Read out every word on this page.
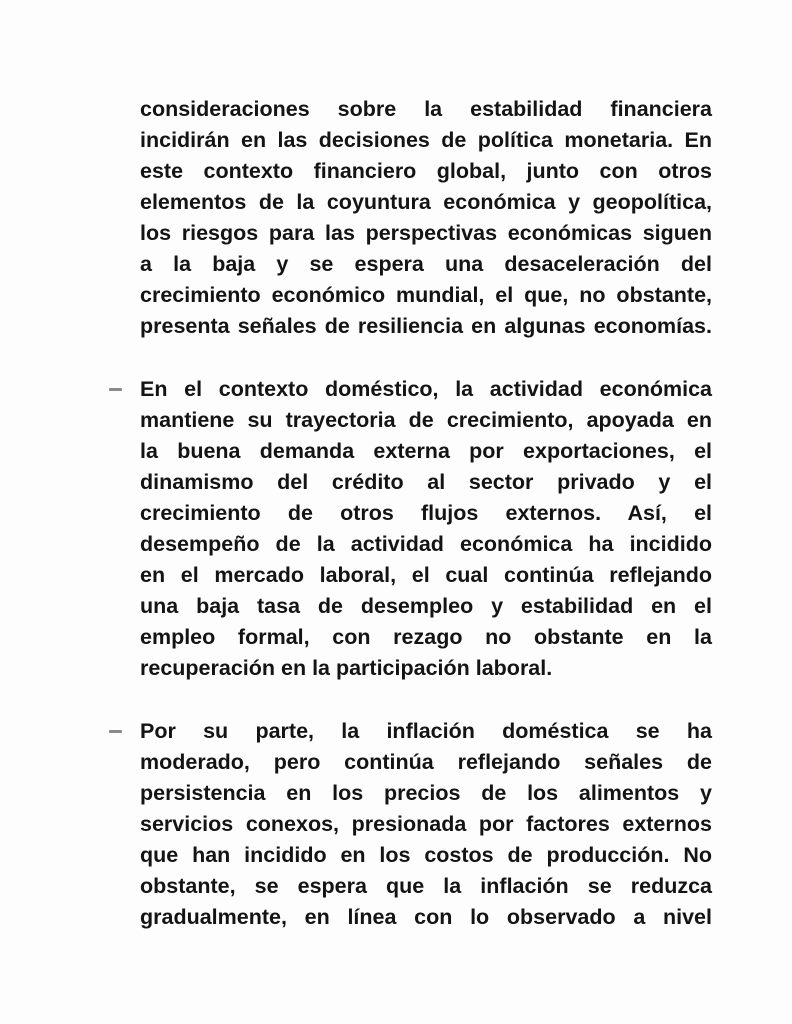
consideraciones sobre la estabilidad financiera
incidirán en las decisiones de política monetaria. En
este contexto financiero global, junto con otros
elementos de la coyuntura económica y geopolítica,
los riesgos para las perspectivas económicas siguen
a la baja y se espera una desaceleración del
crecimiento económico mundial, el que, no obstante,
presenta señales de resiliencia en algunas economías.
En el contexto doméstico, la actividad económica
mantiene su trayectoria de crecimiento, apoyada en
la buena demanda externa por exportaciones, el
dinamismo del crédito al sector privado y el
crecimiento de otros flujos externos. Así, el
desempeño de la actividad económica ha incidido
en el mercado laboral, el cual continúa reflejando
una baja tasa de desempleo y estabilidad en el
empleo formal, con rezago no obstante en la
recuperación en la participación laboral.
Por su parte, la inflación doméstica se ha
moderado, pero continúa reflejando señales de
persistencia en los precios de los alimentos y
servicios conexos, presionada por factores externos
que han incidido en los costos de producción. No
obstante, se espera que la inflación se reduzca
gradualmente, en línea con lo observado a nivel
